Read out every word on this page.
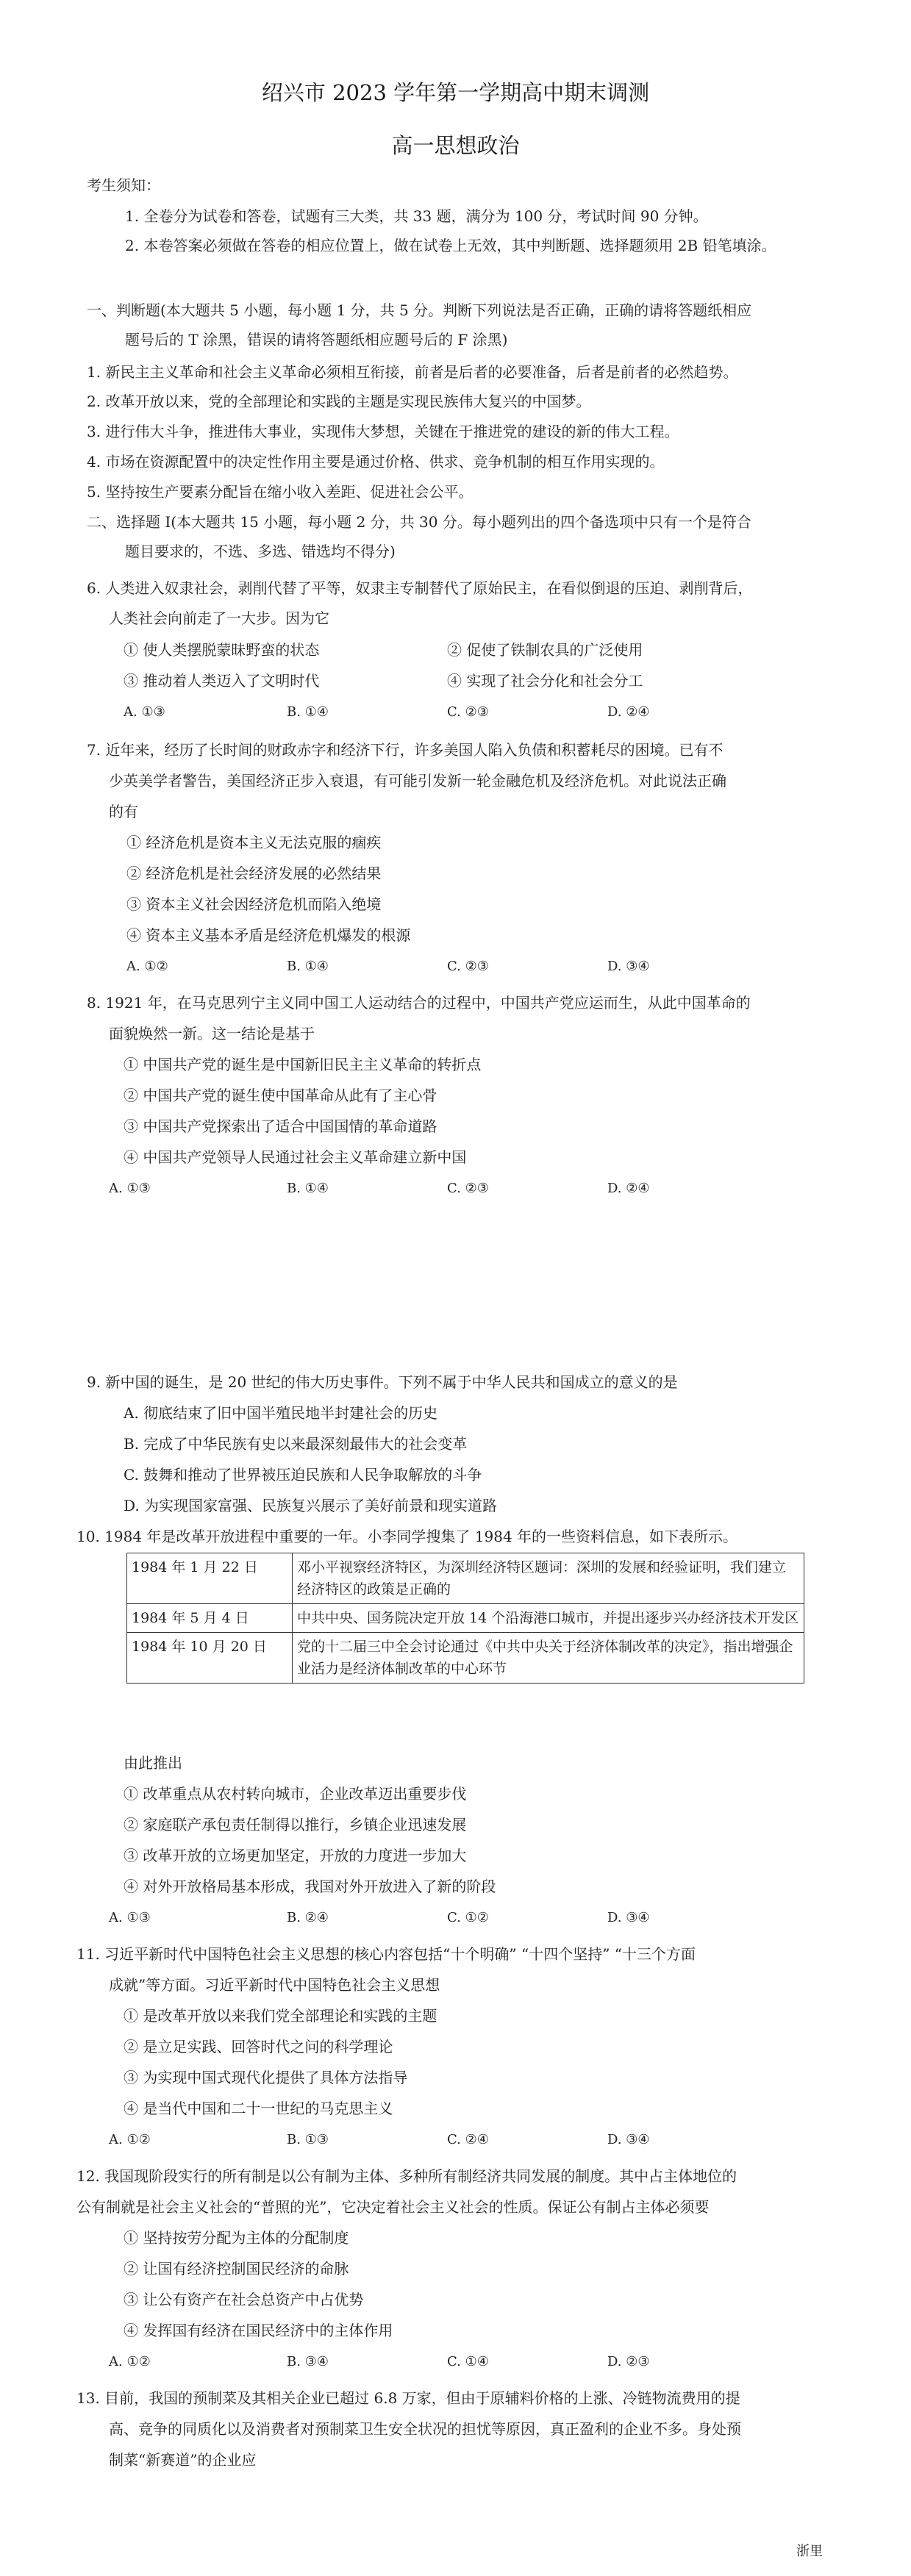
绍兴市 2023 学年第一学期高中期末调测
高一思想政治
考生须知：
1. 全卷分为试卷和答卷，试题有三大类，共 33 题，满分为 100 分，考试时间 90 分钟。
2. 本卷答案必须做在答卷的相应位置上，做在试卷上无效，其中判断题、选择题须用 2B 铅笔填涂。
一、判断题(本大题共 5 小题，每小题 1 分，共 5 分。判断下列说法是否正确，正确的请将答题纸相应
题号后的 T 涂黑，错误的请将答题纸相应题号后的 F 涂黑)
1. 新民主主义革命和社会主义革命必须相互衔接，前者是后者的必要准备，后者是前者的必然趋势。
2. 改革开放以来，党的全部理论和实践的主题是实现民族伟大复兴的中国梦。
3. 进行伟大斗争，推进伟大事业，实现伟大梦想，关键在于推进党的建设的新的伟大工程。
4. 市场在资源配置中的决定性作用主要是通过价格、供求、竞争机制的相互作用实现的。
5. 坚持按生产要素分配旨在缩小收入差距、促进社会公平。
二、选择题 I(本大题共 15 小题，每小题 2 分，共 30 分。每小题列出的四个备选项中只有一个是符合
题目要求的，不选、多选、错选均不得分)
6. 人类进入奴隶社会，剥削代替了平等，奴隶主专制替代了原始民主，在看似倒退的压迫、剥削背后，
人类社会向前走了一大步。因为它
① 使人类摆脱蒙昧野蛮的状态	② 促使了铁制农具的广泛使用
③ 推动着人类迈入了文明时代	④ 实现了社会分化和社会分工
A. ①③	B. ①④	C. ②③	D. ②④
7. 近年来，经历了长时间的财政赤字和经济下行，许多美国人陷入负债和积蓄耗尽的困境。已有不
少英美学者警告，美国经济正步入衰退，有可能引发新一轮金融危机及经济危机。对此说法正确
的有
① 经济危机是资本主义无法克服的痼疾
② 经济危机是社会经济发展的必然结果
③ 资本主义社会因经济危机而陷入绝境
④ 资本主义基本矛盾是经济危机爆发的根源
A. ①②	B. ①④	C. ②③	D. ③④
8. 1921 年，在马克思列宁主义同中国工人运动结合的过程中，中国共产党应运而生，从此中国革命的
面貌焕然一新。这一结论是基于
① 中国共产党的诞生是中国新旧民主主义革命的转折点
② 中国共产党的诞生使中国革命从此有了主心骨
③ 中国共产党探索出了适合中国国情的革命道路
④ 中国共产党领导人民通过社会主义革命建立新中国
A. ①③	B. ①④	C. ②③	D. ②④
9. 新中国的诞生，是 20 世纪的伟大历史事件。下列不属于中华人民共和国成立的意义的是
A. 彻底结束了旧中国半殖民地半封建社会的历史
B. 完成了中华民族有史以来最深刻最伟大的社会变革
C. 鼓舞和推动了世界被压迫民族和人民争取解放的斗争
D. 为实现国家富强、民族复兴展示了美好前景和现实道路
10. 1984 年是改革开放进程中重要的一年。小李同学搜集了 1984 年的一些资料信息，如下表所示。
1984 年 1 月 22 日	邓小平视察经济特区，为深圳经济特区题词：深圳的发展和经验证明，我们建立经济特区的政策是正确的
1984 年 5 月 4 日	中共中央、国务院决定开放 14 个沿海港口城市，并提出逐步兴办经济技术开发区
1984 年 10 月 20 日	党的十二届三中全会讨论通过《中共中央关于经济体制改革的决定》，指出增强企业活力是经济体制改革的中心环节
由此推出
① 改革重点从农村转向城市，企业改革迈出重要步伐
② 家庭联产承包责任制得以推行，乡镇企业迅速发展
③ 改革开放的立场更加坚定，开放的力度进一步加大
④ 对外开放格局基本形成，我国对外开放进入了新的阶段
A. ①③	B. ②④	C. ①②	D. ③④
11. 习近平新时代中国特色社会主义思想的核心内容包括“十个明确” “十四个坚持” “十三个方面
成就”等方面。习近平新时代中国特色社会主义思想
① 是改革开放以来我们党全部理论和实践的主题
② 是立足实践、回答时代之问的科学理论
③ 为实现中国式现代化提供了具体方法指导
④ 是当代中国和二十一世纪的马克思主义
A. ①②	B. ①③	C. ②④	D. ③④
12. 我国现阶段实行的所有制是以公有制为主体、多种所有制经济共同发展的制度。其中占主体地位的
公有制就是社会主义社会的“普照的光”，它决定着社会主义社会的性质。保证公有制占主体必须要
① 坚持按劳分配为主体的分配制度
② 让国有经济控制国民经济的命脉
③ 让公有资产在社会总资产中占优势
④ 发挥国有经济在国民经济中的主体作用
A. ①②	B. ③④	C. ①④	D. ②③
13. 目前，我国的预制菜及其相关企业已超过 6.8 万家，但由于原辅料价格的上涨、冷链物流费用的提
高、竞争的同质化以及消费者对预制菜卫生安全状况的担忧等原因，真正盈利的企业不多。身处预
制菜“新赛道”的企业应
浙里
